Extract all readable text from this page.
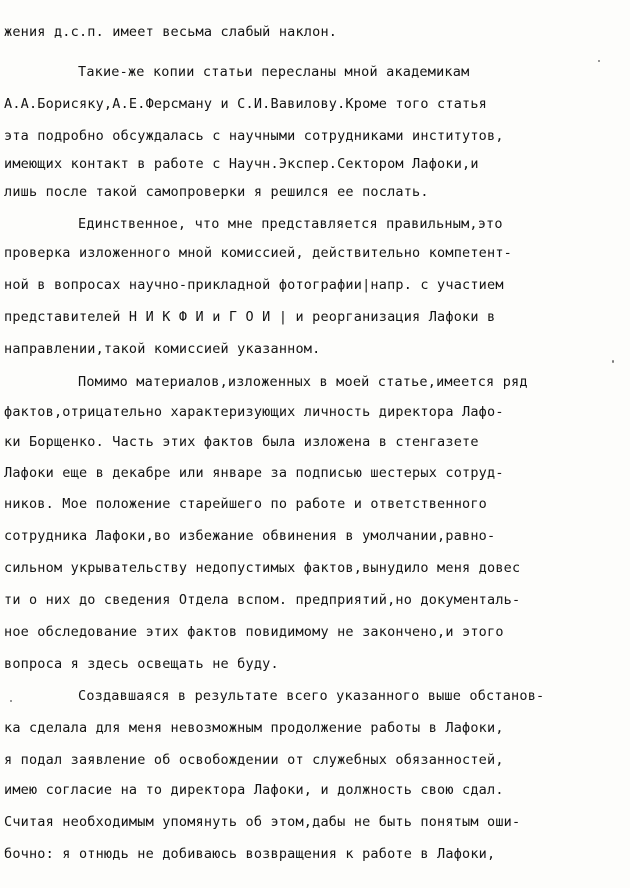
жения д.с.п. имеет весьма слабый наклон.

Такие-же копии статьи пересланы мной академикам

А.А.Борисяку,А.Е.Ферсману и С.И.Вавилову.Кроме того статья

эта подробно обсуждалась с научными сотрудниками институтов,

имеющих контакт в работе с Научн.Экспер.Сектором Лафоки,и

лишь после такой самопроверки я решился ее послать.

Единственное, что мне представляется правильным,это

проверка изложенного мной комиссией, действительно компетент-

ной в вопросах научно-прикладной фотографии|напр. с участием

представителей Н И К Ф И и Г О И | и реорганизация Лафоки в

направлении,такой комиссией указанном.

Помимо материалов,изложенных в моей статье,имеется ряд

фактов,отрицательно характеризующих личность директора Лафо-

ки Борщенко. Часть этих фактов была изложена в стенгазете

Лафоки еще в декабре или январе за подписью шестерых сотруд-

ников. Мое положение старейшего по работе и ответственного

сотрудника Лафоки,во избежание обвинения в умолчании,равно-

сильном укрывательству недопустимых фактов,вынудило меня довес

ти о них до сведения Отдела вспом. предприятий,но документаль-

ное обследование этих фактов повидимому не закончено,и этого

вопроса я здесь освещать не буду.

Создавшаяся в результате всего указанного выше обстанов-

ка сделала для меня невозможным продолжение работы в Лафоки,

я подал заявление об освобождении от служебных обязанностей,

имею согласие на то директора Лафоки, и должность свою сдал.

Считая необходимым упомянуть об этом,дабы не быть понятым оши-

бочно: я отнюдь не добиваюсь возвращения к работе в Лафоки,
